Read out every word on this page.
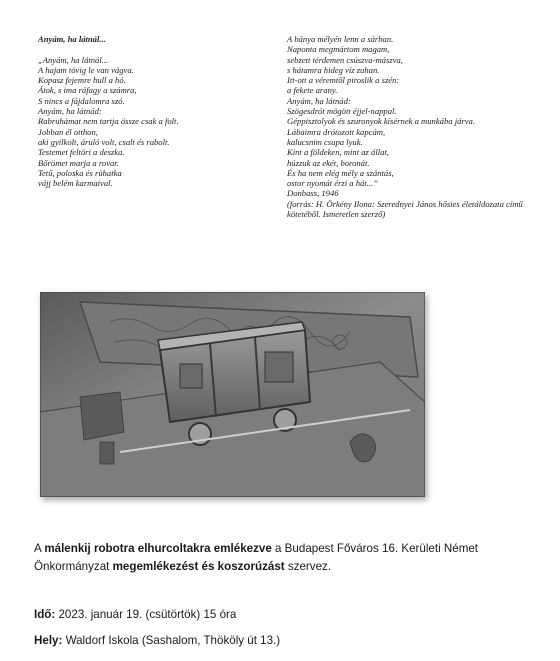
Anyám, ha látnál...
„Anyám, ha látnál...
A hajam tövig le van vágva.
Kopasz fejemre hull a hó.
Átok, s ima ráfagy a számra,
S nincs a fájdalomra szó.
Anyám, ha látnád:
Rabruhámat nem tartja össze csak a folt.
Jobban él otthon,
aki gyilkolt, áruló volt, csalt és rabolt.
Testemet feltöri a deszka.
Bőrömet marja a rovar.
Tetű, poloska és rühatka
vájj belém karmaival.
A bánya mélyén lenn a sárban.
Naponta megmártom magam,
sebzett térdemen csúszva-mászva,
s hátamra hideg víz zuhan.
Itt-ott a véremtől piroslik a szén:
a fekete arany.
Anyám, ha látnád:
Szögesdrót mögött éjjel-nappal.
Géppisztolyok és szuronyok kísérnek a munkába járva.
Lábaimra drótozott kapcám,
kalucsnim csupa lyuk.
Kint a földeken, mint az állat,
húzzuk az ekét, boronát.
És ha nem elég mély a szántás,
ostor nyomát érzi a hát...”
Donbass, 1946
(forrás: H. Örkény Ilona: Szerednyei János hősies életáldozata című kötetéből. Ismeretlen szerző)
A málenkij robotra elhurcoltakra emlékezve a Budapest Főváros 16. Kerületi Német Önkormányzat megemlékezést és koszorúzást szervez.
Idő: 2023. január 19. (csütörtök) 15 óra
Hely: Waldorf Iskola (Sashalom, Thököly út 13.)
